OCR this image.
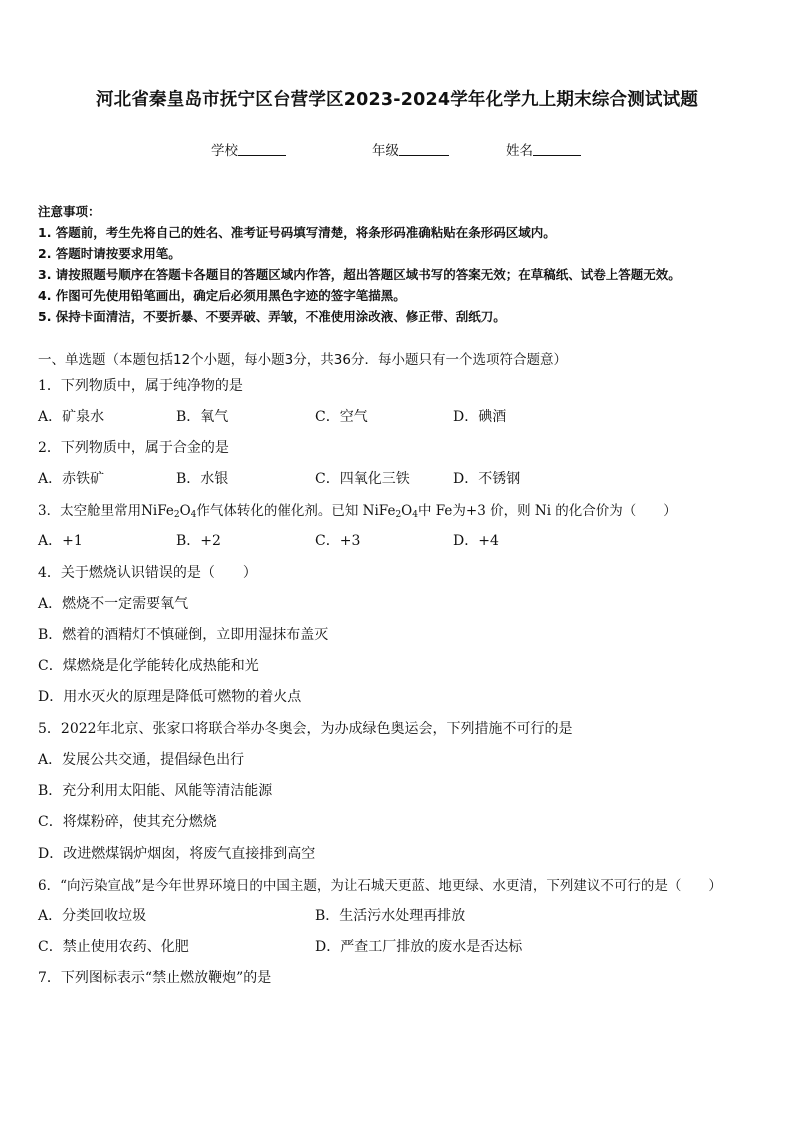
河北省秦皇岛市抚宁区台营学区2023-2024学年化学九上期末综合测试试题
学校	年级	姓名
注意事项：
1. 答题前，考生先将自己的姓名、准考证号码填写清楚，将条形码准确粘贴在条形码区域内。
2. 答题时请按要求用笔。
3. 请按照题号顺序在答题卡各题目的答题区域内作答，超出答题区域书写的答案无效；在草稿纸、试卷上答题无效。
4. 作图可先使用铅笔画出，确定后必须用黑色字迹的签字笔描黑。
5. 保持卡面清洁，不要折暴、不要弄破、弄皱，不准使用涂改液、修正带、刮纸刀。
一、单选题（本题包括12个小题，每小题3分，共36分．每小题只有一个选项符合题意）
1．下列物质中，属于纯净物的是
A．矿泉水	B．氧气	C．空气	D．碘酒
2．下列物质中，属于合金的是
A．赤铁矿	B．水银	C．四氧化三铁	D．不锈钢
3．太空舱里常用$NiFe_2O_4$作气体转化的催化剂。已知 $NiFe_2O_4$中 Fe为+3 价，则 Ni 的化合价为（　　）
A．+1	B．+2	C．+3	D．+4
4．关于燃烧认识错误的是（　　）
A．燃烧不一定需要氧气
B．燃着的酒精灯不慎碰倒，立即用湿抹布盖灭
C．煤燃烧是化学能转化成热能和光
D．用水灭火的原理是降低可燃物的着火点
5．2022年北京、张家口将联合举办冬奥会，为办成绿色奥运会，下列措施不可行的是
A．发展公共交通，提倡绿色出行
B．充分利用太阳能、风能等清洁能源
C．将煤粉碎，使其充分燃烧
D．改进燃煤锅炉烟囱，将废气直接排到高空
6．“向污染宣战”是今年世界环境日的中国主题，为让石城天更蓝、地更绿、水更清，下列建议不可行的是（　　）
A．分类回收垃圾	B．生活污水处理再排放
C．禁止使用农药、化肥	D．严查工厂排放的废水是否达标
7．下列图标表示“禁止燃放鞭炮”的是
